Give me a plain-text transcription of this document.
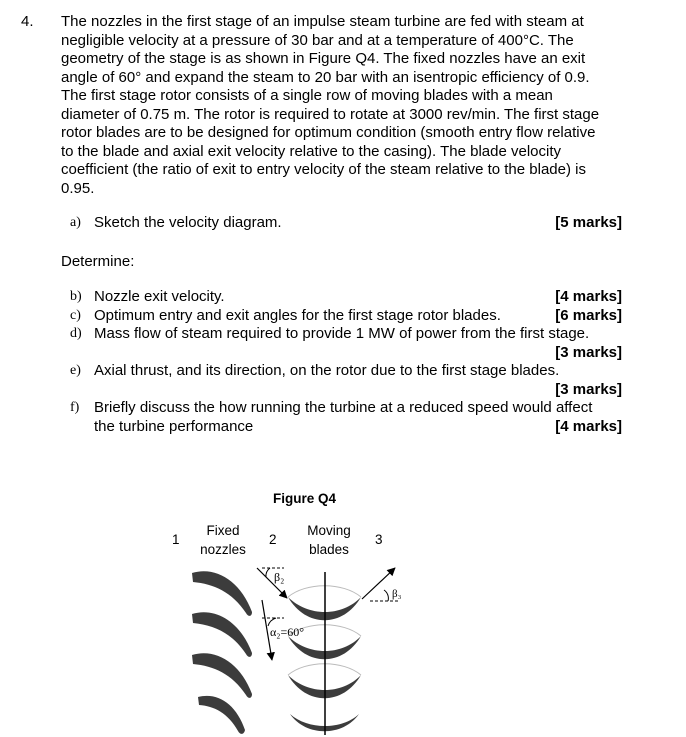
4. The nozzles in the first stage of an impulse steam turbine are fed with steam at
negligible velocity at a pressure of 30 bar and at a temperature of 400°C. The
geometry of the stage is as shown in Figure Q4. The fixed nozzles have an exit
angle of 60° and expand the steam to 20 bar with an isentropic efficiency of 0.9.
The first stage rotor consists of a single row of moving blades with a mean
diameter of 0.75 m. The rotor is required to rotate at 3000 rev/min. The first stage
rotor blades are to be designed for optimum condition (smooth entry flow relative
to the blade and axial exit velocity relative to the casing). The blade velocity
coefficient (the ratio of exit to entry velocity of the steam relative to the blade) is
0.95.
a) Sketch the velocity diagram.	[5 marks]
Determine:
b) Nozzle exit velocity.	[4 marks]
c) Optimum entry and exit angles for the first stage rotor blades.	[6 marks]
d) Mass flow of steam required to provide 1 MW of power from the first stage.
[3 marks]
e) Axial thrust, and its direction, on the rotor due to the first stage blades.
[3 marks]
f) Briefly discuss the how running the turbine at a reduced speed would affect
the turbine performance	[4 marks]
Figure Q4
1
Fixed
nozzles
2
Moving
blades
3
β₂
α₂=60°
β₃
